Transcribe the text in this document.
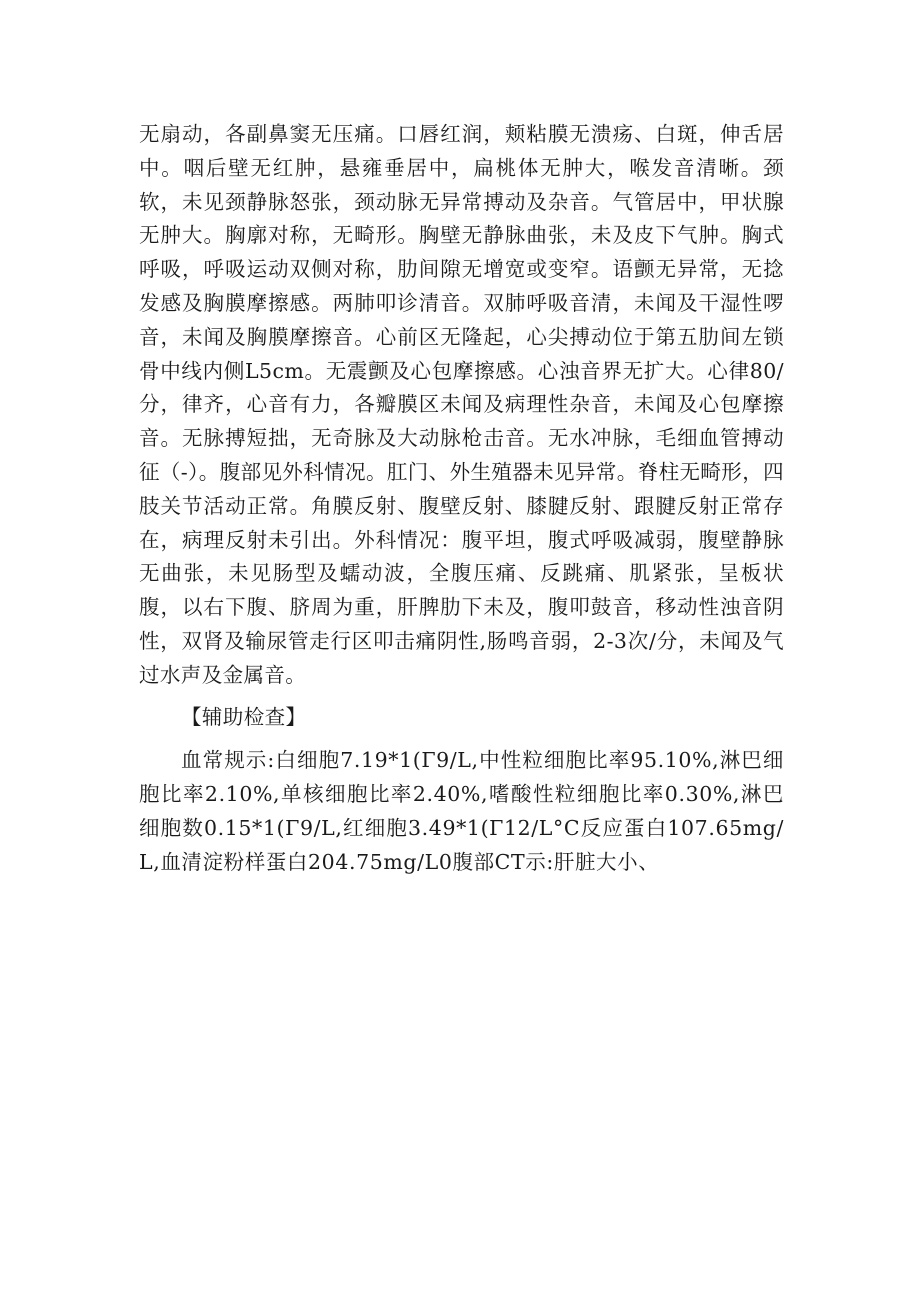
无扇动，各副鼻窦无压痛。口唇红润，颊粘膜无溃疡、白斑，伸舌居中。咽后壁无红肿，悬雍垂居中，扁桃体无肿大，喉发音清晰。颈软，未见颈静脉怒张，颈动脉无异常搏动及杂音。气管居中，甲状腺无肿大。胸廓对称，无畸形。胸壁无静脉曲张，未及皮下气肿。胸式呼吸，呼吸运动双侧对称，肋间隙无增宽或变窄。语颤无异常，无捻发感及胸膜摩擦感。两肺叩诊清音。双肺呼吸音清，未闻及干湿性啰音，未闻及胸膜摩擦音。心前区无隆起，心尖搏动位于第五肋间左锁骨中线内侧L5cm。无震颤及心包摩擦感。心浊音界无扩大。心律80/分，律齐，心音有力，各瓣膜区未闻及病理性杂音，未闻及心包摩擦音。无脉搏短拙，无奇脉及大动脉枪击音。无水冲脉，毛细血管搏动征（-）。腹部见外科情况。肛门、外生殖器未见异常。脊柱无畸形，四肢关节活动正常。角膜反射、腹壁反射、膝腱反射、跟腱反射正常存在，病理反射未引出。外科情况：腹平坦，腹式呼吸减弱，腹壁静脉无曲张，未见肠型及蠕动波，全腹压痛、反跳痛、肌紧张，呈板状腹，以右下腹、脐周为重，肝脾肋下未及，腹叩鼓音，移动性浊音阴性，双肾及输尿管走行区叩击痛阴性,肠鸣音弱，2-3次/分，未闻及气过水声及金属音。

【辅助检查】

血常规示:白细胞7.19*1(Γ9/L,中性粒细胞比率95.10%,淋巴细胞比率2.10%,单核细胞比率2.40%,嗜酸性粒细胞比率0.30%,淋巴细胞数0.15*1(Γ9/L,红细胞3.49*1(Γ12/L°C反应蛋白107.65mg/L,血清淀粉样蛋白204.75mg/L0腹部CT示:肝脏大小、
